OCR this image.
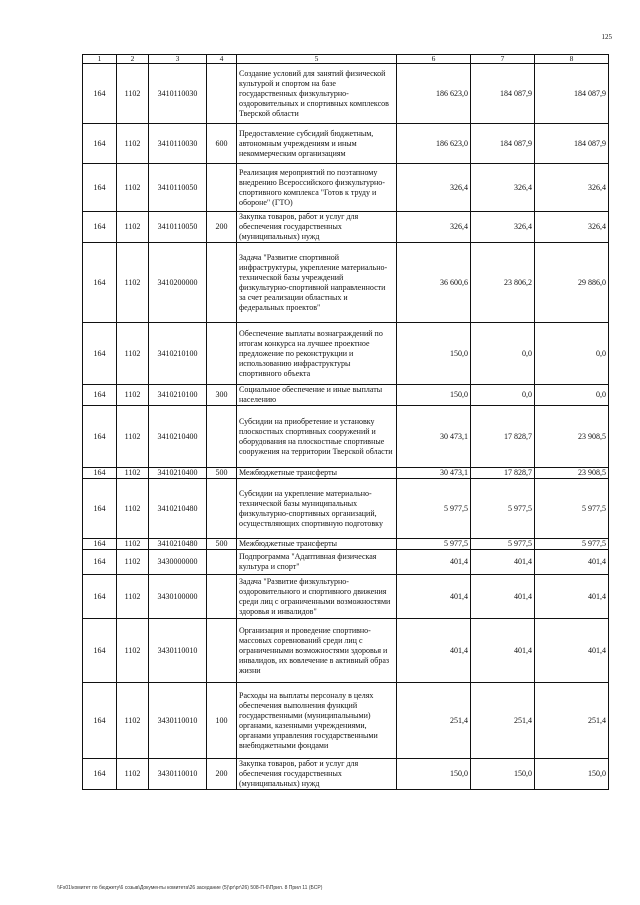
125
1	2	3	4	5	6	7	8
164	1102	3410110030		Создание условий для занятий физической культурой и спортом на базе государственных физкультурно-оздоровительных и спортивных комплексов Тверской области	186 623,0	184 087,9	184 087,9
164	1102	3410110030	600	Предоставление субсидий бюджетным, автономным учреждениям и иным некоммерческим организациям	186 623,0	184 087,9	184 087,9
164	1102	3410110050		Реализация мероприятий по поэтапному внедрению Всероссийского физкультурно-спортивного комплекса "Готов к труду и обороне" (ГТО)	326,4	326,4	326,4
164	1102	3410110050	200	Закупка товаров, работ и услуг для обеспечения государственных (муниципальных) нужд	326,4	326,4	326,4
164	1102	3410200000		Задача "Развитие спортивной инфраструктуры, укрепление материально-технической базы учреждений физкультурно-спортивной направленности за счет реализации областных и федеральных проектов"	36 600,6	23 806,2	29 886,0
164	1102	3410210100		Обеспечение выплаты вознаграждений по итогам конкурса на лучшее проектное предложение по реконструкции и использованию инфраструктуры спортивного объекта	150,0	0,0	0,0
164	1102	3410210100	300	Социальное обеспечение и иные выплаты населению	150,0	0,0	0,0
164	1102	3410210400		Субсидии на приобретение и установку плоскостных спортивных сооружений и оборудования на плоскостные спортивные сооружения на территории Тверской области	30 473,1	17 828,7	23 908,5
164	1102	3410210400	500	Межбюджетные трансферты	30 473,1	17 828,7	23 908,5
164	1102	3410210480		Субсидии на укрепление материально-технической базы муниципальных физкультурно-спортивных организаций, осуществляющих спортивную подготовку	5 977,5	5 977,5	5 977,5
164	1102	3410210480	500	Межбюджетные трансферты	5 977,5	5 977,5	5 977,5
164	1102	3430000000		Подпрограмма "Адаптивная физическая культура и спорт"	401,4	401,4	401,4
164	1102	3430100000		Задача "Развитие физкультурно-оздоровительного и спортивного движения среди лиц с ограниченными возможностями здоровья и инвалидов"	401,4	401,4	401,4
164	1102	3430110010		Организация и проведение спортивно-массовых соревнований среди лиц с ограниченными возможностями здоровья и инвалидов, их вовлечение в активный образ жизни	401,4	401,4	401,4
164	1102	3430110010	100	Расходы на выплаты персоналу в целях обеспечения выполнения функций государственными (муниципальными) органами, казенными учреждениями, органами управления государственными внебюджетными фондами	251,4	251,4	251,4
164	1102	3430110010	200	Закупка товаров, работ и услуг для обеспечения государственных (муниципальных) нужд	150,0	150,0	150,0
\\Fs01\комитет по бюджету\6 созыв\Документы комитета\26 заседание (5)\рг\рг\26) 508-П-6\Прил. 8 Прил 11 (БСР)
